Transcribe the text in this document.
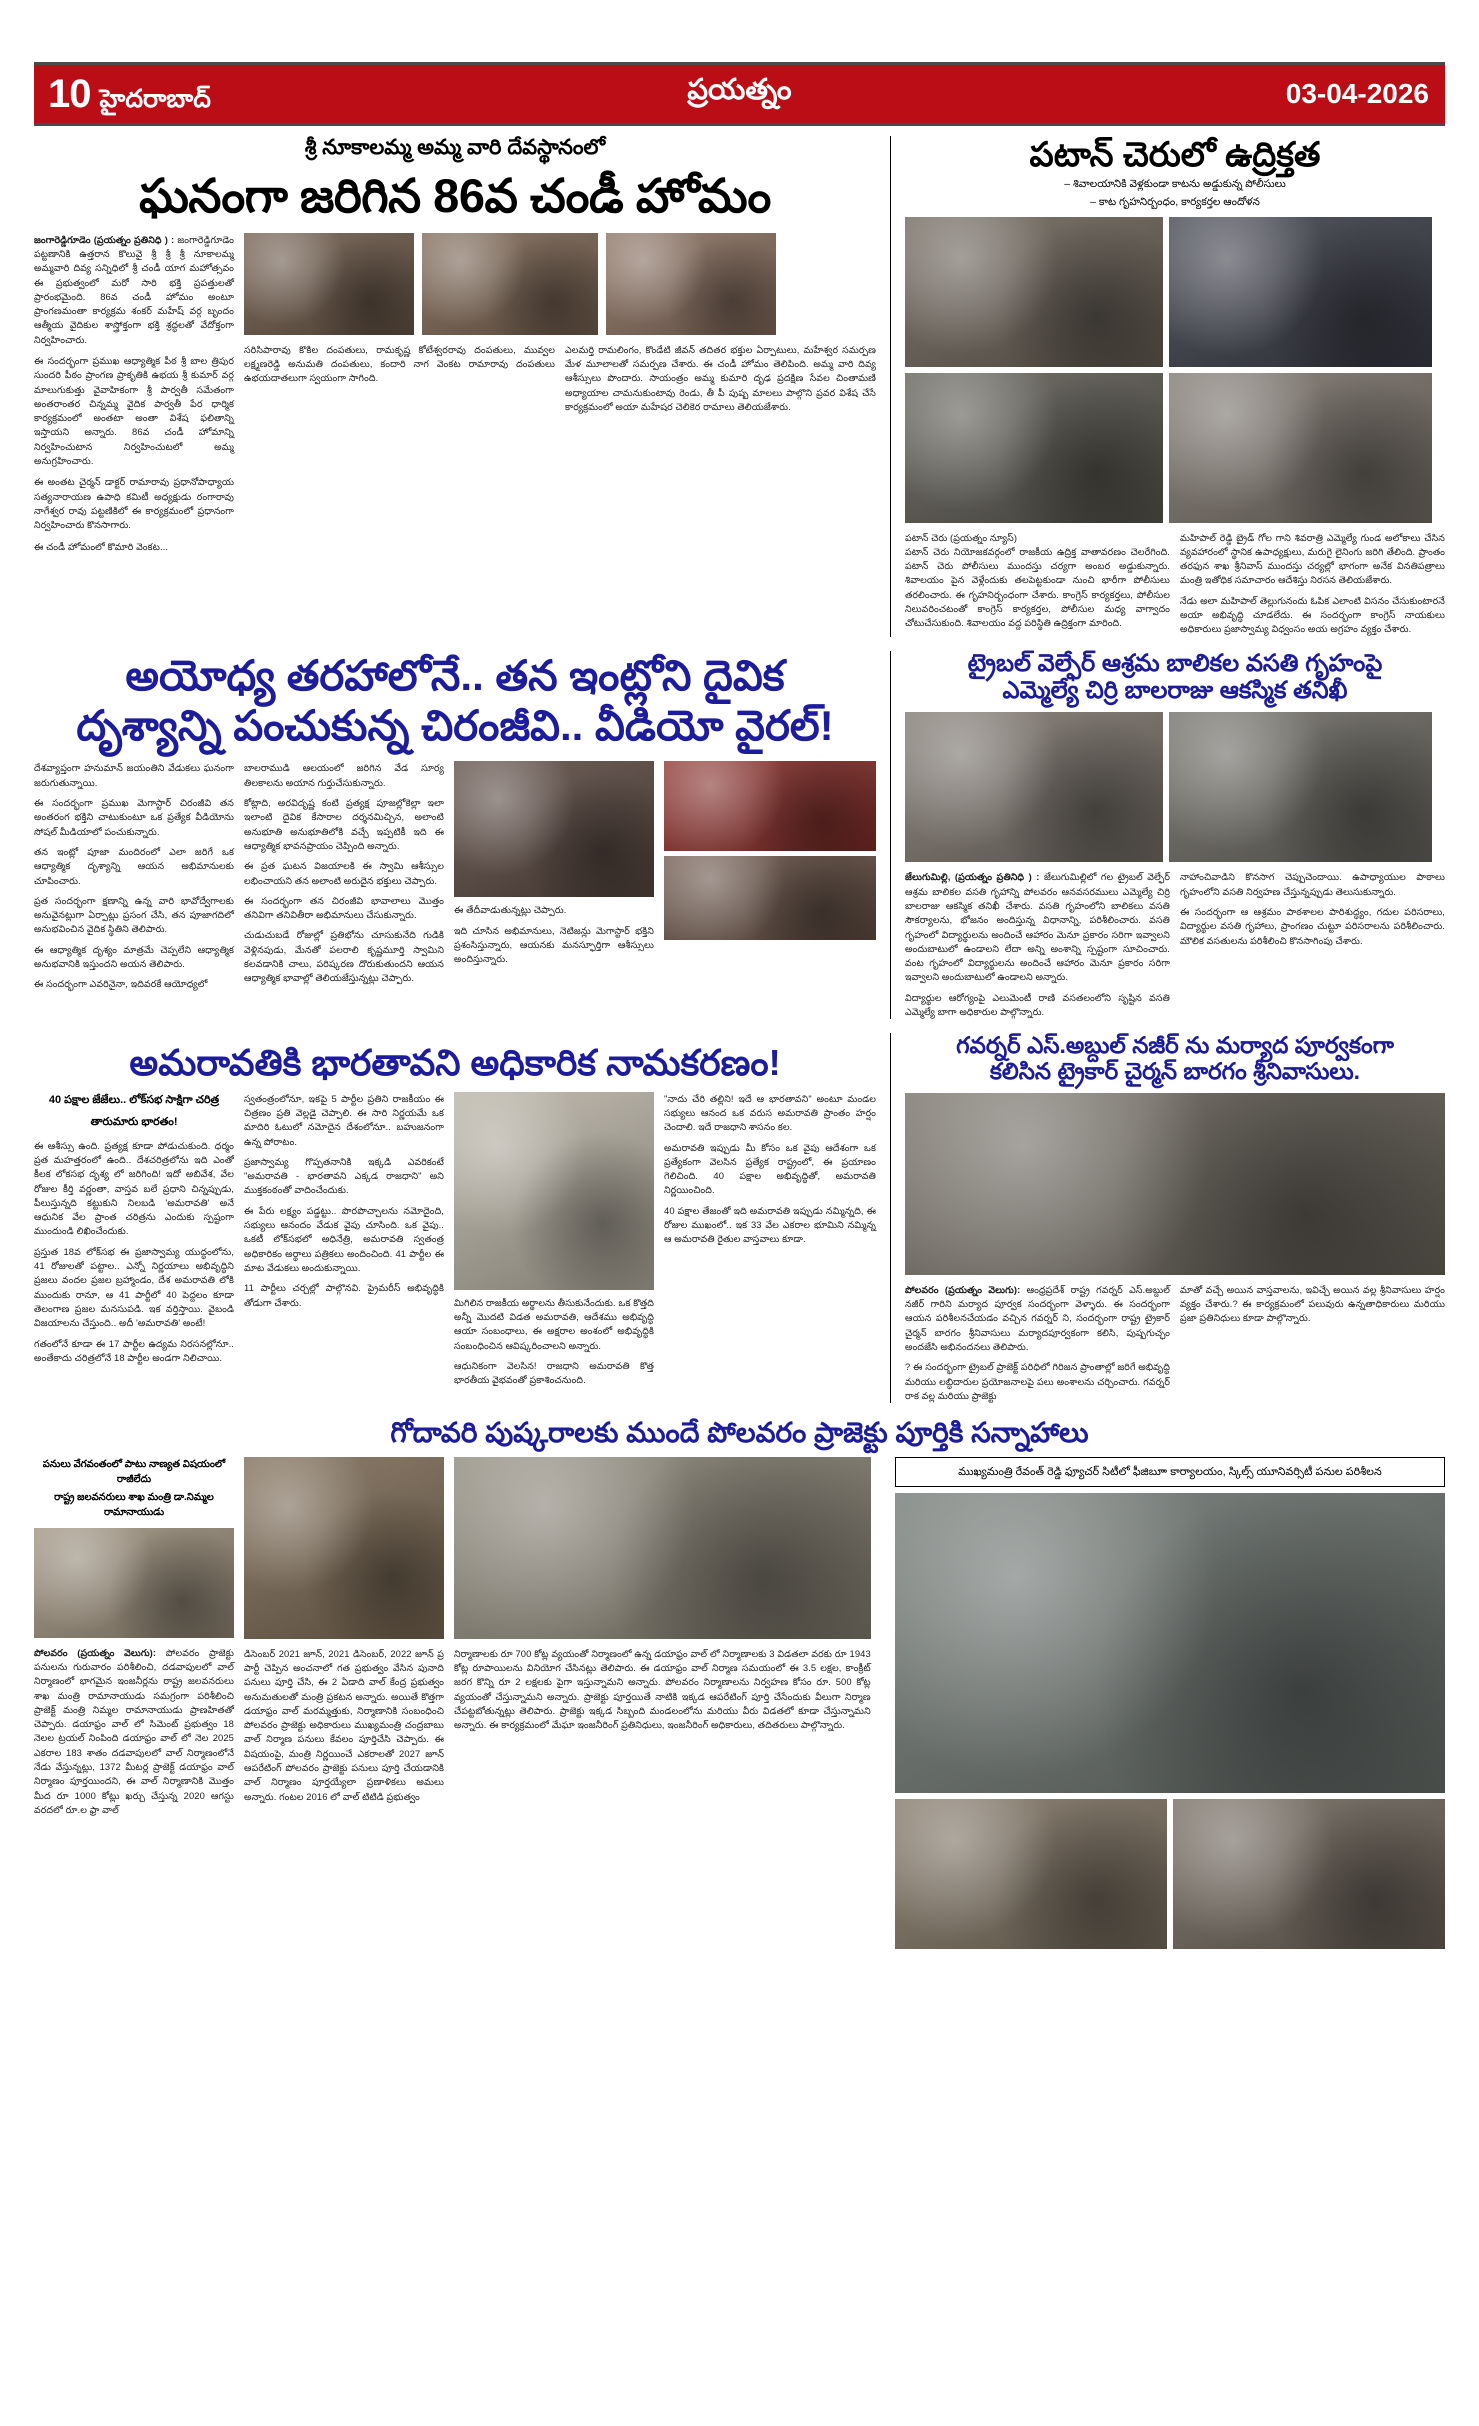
10 హైదరాబాద్	ప్రయత్నం	03-04-2026
శ్రీ నూకాలమ్మ అమ్మ వారి దేవస్థానంలో
ఘనంగా జరిగిన 86వ చండీ హోమం
జంగారెడ్డిగూడెం (ప్రయత్నం ప్రతినిధి ) : జంగారెడ్డిగూడెం పట్టణానికి ఉత్తరాన కొలువై శ్రీ శ్రీ శ్రీ నూకాలమ్మ అమ్మవారి దివ్య సన్నిధిలో శ్రీ చండీ యాగ మహోత్సవం ఈ ప్రభుత్వంలో మరో సారి భక్తి ప్రపత్తులతో ప్రారంభమైంది. 86వ చండీ హోమం అంటూ ప్రాంగణమంతా కార్యక్రమ శంకర్ మహేష్ వర్గ బృందం ఆత్మీయ వైదికుల శాస్త్రోక్తంగా భక్తి శ్రద్ధలతో వేదోక్తంగా నిర్వహించారు.
ఈ సందర్భంగా ప్రముఖ ఆధ్యాత్మిక పీఠ శ్రీ బాల త్రిపుర సుందరి పీఠం ప్రాంగణ ప్రాకృతికి ఉభయ శ్రీ కుమార్ వర్గ మాలుగుకుత్తు వైవాహికంగా శ్రీ పార్వతీ సమేతంగా అంతరాంతర చిన్నమ్మ వైదిక పార్వతీ పేర ధార్మిక కార్యక్రమంలో అంతటా అంతా విశేష ఫలితాన్ని ఇస్తాయని అన్నారు. 86వ చండీ హోమాన్ని నిర్వహించుటాన నిర్వహించుటలో అమ్మ అనుగ్రహించారు.
ఈ అంతట చైర్మన్ డాక్టర్ రామారావు ప్రధానోపాధ్యాయ సత్యనారాయణ ఉపాధి కమిటీ అధ్యక్షుడు రంగారావు నాగేశ్వర రావు పట్టణికిలో ఈ కార్యక్రమంలో ప్రధానంగా నిర్వహించారు కొనసాగారు.
ఈ చండీ హోమంలో కొమారి వెంకట...
సరిసిపారావు కొకిల దంపతులు, రామకృష్ణ కోటేశ్వరరావు దంపతులు, మువ్వల లక్ష్మణరెడ్డి అనుమతి దంపతులు, కందారి నాగ వెంకట రామారావు దంపతులు ఉభయదాతలుగా స్వయంగా సాగింది.
ఎలమర్తి రామలింగం, కొండేటి జీవన్ తదితర భక్తుల ఏర్పాటులు, మహేశ్వర సమర్పణ మేళ మూలాలతో సమర్పణ చేశారు. ఈ చండీ హోమం తెలిపింది. అమ్మ వారి దివ్య ఆశీస్సులు పొందారు. సాయంత్రం అమ్మ కుమారి దృఢ ప్రదక్షిణ సేవల చింతామణి అధ్యాయాల చామనుకుంటావు రెండు, తీ పీ పుష్ప మాలలు పాల్గొని ప్రవర విశేష చేసే కార్యక్రమంలో అయా మహేషర చెలికెర రామాలు తెలియజేశారు.
పటాన్ చెరులో ఉద్రిక్తత
– శివాలయానికి వెళ్లకుండా కాటను అడ్డుకున్న పోలీసులు
– కాట గృహనిర్బంధం, కార్యకర్తల ఆందోళన
పటాన్ చెరు (ప్రయత్నం న్యూస్)
పటాన్ చెరు నియోజకవర్గంలో రాజకీయ ఉద్రిక్త వాతావరణం చెలరేగింది. పటాన్ చెరు పోలీసులు ముందస్తు చర్యగా అంబర అడ్డుకున్నారు. శివాలయం పైన వెళ్లేందుకు తలపెట్టకుండా నుంచి భారీగా పోలీసులు తరలించారు. ఈ గృహనిర్బంధంగా చేశారు. కాంగ్రెస్ కార్యకర్తలు, పోలీసుల నిలువరించటంతో కాంగ్రెస్ కార్యకర్తల, పోలీసుల మధ్య వాగ్వాదం చోటుచేసుకుంది. శివాలయం వద్ద పరిస్థితి ఉద్రిక్తంగా మారింది.
మహిపాల్ రెడ్డి బ్రైడ్ గోల గాని శివరాత్రి ఎమ్మెల్యే గుండ అలోకాలు చేసిన వ్యవహారంలో స్థానిక ఉపాధ్యక్షులు, మరుగై లైనింగు జరిగి తేలింది. ప్రాంతం తరఫున శాఖ శ్రీనివాస్ ముందస్తు చర్యల్లో భాగంగా అనేక వినతిపత్రాలు మంత్రి ఇతోధిక సమాచారం ఆదేశిస్తు నిరసన తెలియజేశారు.
నేడు అలా మహిపాల్ తెల్లుగునందు ఓపిక ఎలాంటి విసనం చేసుకుంటారనే అయా అభివృద్ధి చూడలేదు. ఈ సందర్భంగా కాంగ్రెస్ నాయకులు అధికారులు ప్రజాస్వామ్య విధ్వంసం అయ అగ్రహం వ్యక్తం చేశారు.
అయోధ్య తరహాలోనే.. తన ఇంట్లోని దైవిక
దృశ్యాన్ని పంచుకున్న చిరంజీవి.. వీడియో వైరల్!
దేశవ్యాప్తంగా హనుమాన్ జయంతిని వేడుకలు ఘనంగా జరుగుతున్నాయి.
ఈ సందర్భంగా ప్రముఖ మెగాస్టార్ చిరంజీవి తన అంతరంగ భక్తిని చాటుకుంటూ ఒక ప్రత్యేక వీడియోను సోషల్ మీడియాలో పంచుకున్నారు.
తన ఇంట్లో పూజా మందిరంలో ఎలా జరిగే ఒక ఆధ్యాత్మిక దృశ్యాన్ని ఆయన అభిమానులకు చూపించారు.
ప్రత సందర్భంగా క్షణాన్ని ఉన్న వారి భావోద్వేగాలకు అనువైనట్లుగా ఏర్పాట్లు ప్రసంగ చేసి, తన పూజాగదిలో అనుభవించిన వైదిక స్థితిని తెలిపారు.
ఈ ఆధ్యాత్మిక దృశ్యం మాత్రమే చెప్పలేని ఆధ్యాత్మిక అనుభవానికి ఇస్తుందని అయన తెలిపారు.
ఈ సందర్భంగా ఎవరినైనా, ఇదివరకే ఆయోధ్యలో
బాలరాముడి ఆలయంలో జరిగిన వేడ సూర్య తిలకాలను అయాన గుర్తుచేసుకున్నారు.
కోట్లాది, అరవిదృష్ణ కంటి ప్రత్యక్ష పూజల్లోకెల్లా ఇలా ఇలాంటి దైవిక కేసారాల దర్శనమిచ్చిన, అలాంటి అనుభూతి అనుభూతిలోకి వచ్చే ఇప్పటికీ ఇది ఈ ఆధ్యాత్మిక భావనప్రాయం చెప్పింది అన్నారు.
ఈ ప్రత ఘటన విజయాలకి ఈ స్వామి ఆశీస్సుల లభించాయని తన అలాంటి అరుదైన భక్తులు చెప్పారు.
ఈ సందర్భంగా తన చిరంజీవి భావాలాలు మొత్తం తనివిగా తనివితీరా అభిమానులు చేసుకున్నారు.
చుడుచుబడే రోజుల్లో ప్రతిభోను చూసుకునేది గుడికి వెళ్లినపుడు, మేనతో పలరాలి కృష్ణమూర్తి స్వామిని కలవడానికి చాలు, పరిష్కరణ దొరుకుతుందని ఆయన ఆధ్యాత్మిక భావాల్లో తెలియజేస్తున్నట్లు చెప్పారు.
ఈ తేదీవాడుతున్నట్లు చెప్పారు.
ఇది చూసిన అభిమానులు, నెటిజన్లు మెగాస్టార్ భక్తిని ప్రశంసిస్తున్నారు, ఆయనకు మనస్ఫూర్తిగా ఆశీస్సులు అందిస్తున్నారు.
ట్రైబల్ వెల్ఫేర్ ఆశ్రమ బాలికల వసతి గృహంపై
ఎమ్మెల్యే చిర్రి బాలరాజు ఆకస్మిక తనిఖీ
జేలుగుమిల్లి, (ప్రయత్నం ప్రతినిధి ) : జేలుగుమిల్లిలో గల ట్రైబల్ వెల్ఫేర్ ఆశ్రమ బాలికల వసతి గృహాన్ని పోలవరం ఆనవసరములు ఎమ్మెల్యే చిర్రి బాలరాజు ఆకస్మిక తనిఖీ చేశారు. వసతి గృహంలోని బాలికలు వసతి సౌకర్యాలను, భోజనం అందిస్తున్న విధానాన్ని, పరిశీలించారు. వసతి గృహంలో విద్యార్థులను అందించే ఆహారం మెనూ ప్రకారం సరిగా ఇవ్వాలని అందుబాటులో ఉండాలని లేదా అన్ని అంశాన్ని స్పష్టంగా సూచించారు. వంట గృహంలో విద్యార్థులను అందించే ఆహారం మెనూ ప్రకారం సరిగా ఇవ్వాలని అందుబాటులో ఉండాలని అన్నారు.
విద్యార్థుల ఆరోగ్యంపై ఎలుమెంటీ రాణి వసతలంలోని సృష్టిన వసతి ఎమ్మెల్యే బాగా అధికారుల పాల్గొన్నారు.
నాహాంచివాడిని కొనసాగ చెప్పుచెందాయి. ఉపాధ్యాయుల పాఠాలు గృహంలోని వసతి నిర్వహణ చేస్తున్నప్పుడు తెలుసుకున్నారు.
ఈ సందర్భంగా ఆ ఆశ్రమం పాఠశాలల పారిశుద్ధ్యం, గదుల పరిసరాలు, విద్యార్థుల వసతి గృహాలు, ప్రాంగణం చుట్టూ పరిసరాలను పరిశీలించారు. మౌలిక వసతులను పరిశీలించి కొనసాగింపు చేశారు.
అమరావతికి భారతావని అధికారిక నామకరణం!
40 పక్షాల జేజేలు.. లోక్‌సభ సాక్షిగా చరిత్ర
తారుమారు భారతం!
ఈ ఆశీస్సు ఉంది. ప్రత్యక్ష కూడా పోడుచుకుంది. ధర్మం ప్రత మహత్తరంలో ఉంది.. దేశచరిత్రలోను ఇది ఎంతో కీలక లోకసభ దృశ్య లో జరిగింది! ఇదో అబివేశ, వేల రోజుల కీర్తి వర్ణంతా, వాస్తవ బలే ప్రధాని చిన్నప్పుడు, పీలుస్తున్నది కట్టుకుని నిలబడి 'అమరావతి' అనే ఆధునిక వేల ప్రాంత చరిత్రను ఎందుకు స్పష్టంగా ముందుండి లిఖించేందుకు.
ప్రస్తుత 18వ లోక్‌సభ ఈ ప్రజాస్వామ్య యుద్ధంలోను, 41 రోజులతో పట్టాల.. ఎన్నో నిర్ణయాలు అభివృద్ధిని ప్రజలు వందల ప్రజల బ్రహ్మాండం, దేశ అమరావతి లోకి ముందుకు రానూ, ఆ 41 పార్టీలో 40 పెద్దలం కూడా తెలంగాణ ప్రజల మనసుపడి. ఇక వర్తిస్తాయి. వైబండి విజయాలను చేస్తుంది.. అదీ 'అమరావతి' అంటే!
గతంలోనే కూడా ఈ 17 పార్టీల ఉద్యమ నిరసనల్లోనూ.. అంతేకాదు చరిత్రలోనే 18 పార్టీల అండగా నిలిచాయి.
స్వతంత్రంలోనూ, ఇకపై 5 పార్టీల ప్రతిని రాజకీయం ఈ చిత్రణం ప్రతి వెల్లడై చెప్పాలి. ఈ సారి నిర్ణయమే ఒక మాదిరి ఓటులో నమోదైన దేశంలోనూ.. బహుజనంగా ఉన్న పోరాటం.
ప్రజాస్వామ్య గొప్పతనానికి ఇక్కడి ఎవరికంటే "అమరావతి - భారతావని ఎక్కడ రాజధాని" అని ముక్తకంఠంతో వాదించేందుకు.
ఈ పేరు లక్ష్యం పడ్డట్టు.. పొరపొచ్చాలను నమోదైంది, సభ్యులు ఆనందం వేడుక వైపు చూసింది. ఒక వైపు.. ఒకటీ లోక్‌సభలో అధినేత్రి, అమరావతి స్వతంత్ర అధికారికం అర్థాలు పత్రికలు అందించింది. 41 పార్టీల ఈ మాట వేడుకలు అందుకున్నాయి.
11 పార్టీలు చర్చల్లో పాల్గొనవి. ప్రైమరీస్ అభివృద్ధికి తోడుగా చేశారు.	మిగిలిన రాజకీయ అర్థాలను తీసుకునేందుకు. ఒక కొత్తది అన్నీ మొదటి విడత అమరావతి, ఆదేశము అభివృద్ధి ఆయా సంబంధాలు, ఈ అక్షరాల అంశంలో అభివృద్ధికి సంబంధించిన ఆవిష్కరించాలని అన్నారు.
ఆధునికంగా వెలసిన! రాజధాని అమరావతి కొత్త భారతీయ వైభవంతో ప్రకాశించనుంది.
"నాదు చేరి తల్లిని! ఇదే ఆ భారతావని" అంటూ మండల సభ్యులు ఆనంద ఒక వరుస అమరావతి ప్రాంతం హర్షం చెందాలి. ఇదే రాజధాని శాసనం కల.
అమరావతి ఇప్పుడు మీ కోసం ఒక వైపు ఆదేశంగా ఒక ప్రత్యేకంగా వెలసిన ప్రత్యేక రాష్ట్రంలో, ఈ ప్రయాణం గెలిచింది. 40 పక్షాల అభివృద్ధితో, అమరావతి నిర్ణయించింది.
40 పక్షాల తేజంతో ఇది అమరావతి ఇప్పుడు నమ్మిన్నది, ఈ రోజుల ముఖంలో.. ఇక 33 వేల ఎకరాల భూమిని నమ్మిన్న ఆ అమరావతి రైతుల వాస్తవాలు కూడా.
గవర్నర్ ఎస్.అబ్దుల్ నజీర్ ను మర్యాద పూర్వకంగా
కలిసిన ట్రైకార్ చైర్మన్ బారగం శ్రీనివాసులు.
పోలవరం (ప్రయత్నం వెలుగు): ఆంధ్రప్రదేశ్ రాష్ట్ర గవర్నర్ ఎస్.అబ్దుల్ నజీర్ గారిని మర్యాద పూర్వక సందర్భంగా వెళ్ళారు. ఈ సందర్భంగా ఆయన పరిశీలనచేయడం వచ్చిన గవర్నర్ ని, సందర్భంగా రాష్ట్ర ట్రైకార్ చైర్మన్ బారగం శ్రీనివాసులు మర్యాదపూర్వకంగా కలిసి, పుష్పగుచ్ఛం అందజేసి అభినందనలు తెలిపారు.
? ఈ సందర్భంగా ట్రైబల్ ప్రాజెక్ట్ పరిధిలో గిరిజన ప్రాంతాల్లో జరిగే అభివృద్ధి మరియు లబ్ధిదారుల ప్రయోజనాలపై పలు అంశాలను చర్చించారు. గవర్నర్ రాక వల్ల మరియు ప్రాజెక్టు
మాతో వచ్చే అయిన వాస్తవాలను, ఇవిచ్చే అయిన వల్ల శ్రీనివాసులు హర్షం వ్యక్తం చేశారు.? ఈ కార్యక్రమంలో పలువురు ఉన్నతాధికారులు మరియు ప్రజా ప్రతినిధులు కూడా పాల్గొన్నారు.
గోదావరి పుష్కరాలకు ముందే పోలవరం ప్రాజెక్టు పూర్తికి సన్నాహాలు
పనులు వేగవంతంలో పాటు నాణ్యత విషయంలో
రాజీలేదు
రాష్ట్ర జలవనరులు శాఖ మంత్రి డా.నిమ్మల
రామానాయుడు
పోలవరం (ప్రయత్నం వెలుగు): పోలవరం ప్రాజెక్టు పనులను గురువారం పరిశీలించి, దడవాపులలో వాల్ నిర్మాణంలో భాగమైన ఇంజనీర్లను రాష్ట్ర జలవనరులు శాఖ మంత్రి రామానాయుడు సమగ్రంగా పరిశీలించి ప్రాజెక్ట్ మంత్రి నిమ్మల రామానాయుడు ప్రాణహితతో చెప్పారు. డయాఫ్రం వాల్ లో సిమెంట్ ప్రభుత్వం 18 నెలల ట్రయల్ నింపింది డయాఫ్రం వాల్ లో నెల 2025 ఎకరాల 183 శాతం దడవాపులలో వాల్ నిర్మాణంలోనే నేడు వేస్తున్నట్లు, 1372 మీటర్ల ప్రాజెక్ట్ డయాఫ్రం వాల్ నిర్మాణం పూర్తయిందని, ఈ వాల్ నిర్మాణానికి మొత్తం మీద రూ 1000 కోట్లు ఖర్చు చేస్తున్న 2020 ఆగస్టు వరదలో రూ.ల ఫ్రా వాల్
డిసెంబర్ 2021 జూన్, 2021 డిసెంబర్, 2022 జూన్ ప్ర పార్టీ చెప్పిన అంచనాలో గత ప్రభుత్వం వేసిన పునాది పనులు పూర్తి చేసి, ఈ 2 ఏడాది వాల్ కేంద్ర ప్రభుత్వం అనుమతులతో మంత్రి ప్రకటన అన్నారు. అయితే కొత్తగా డయాఫ్రం వాల్ మరమ్మత్తుకు, నిర్మాణానికి సంబంధించి పోలవరం ప్రాజెక్టు అధికారులు ముఖ్యమంత్రి చంద్రబాబు వాల్ నిర్మాణ పనులు కేవలం పూర్తిచేసి చెప్పారు. ఈ విషయంపై, మంత్రి నిర్ణయించే ఎకరాలతో 2027 జూన్ ఆపరేటింగ్ పోలవరం ప్రాజెక్టు పనులు పూర్తి చేయడానికి వాల్ నిర్మాణం పూర్తయ్యేలా ప్రణాళికలు అమలు అన్నారు. గంటల 2016 లో వాల్ టిటిడి ప్రభుత్వం
నిర్మాణాలకు రూ 700 కోట్ల వ్యయంతో నిర్మాణంలో ఉన్న డయాఫ్రం వాల్ లో నిర్మాణాలకు 3 విడతలా వరకు రూ 1943 కోట్ల రూపాయిలను వినియోగ చేసినట్లు తెలిపారు. ఈ డయాఫ్రం వాల్ నిర్మాణ సమయంలో ఈ 3.5 లక్షల, కాంక్రీట్ జరగ కొన్ని రూ 2 లక్షలకు పైగా ఇస్తున్నామని అన్నారు. పోలవరం నిర్మాణాలను నిర్వహణ కోసం రూ. 500 కోట్ల వ్యయంతో చేస్తున్నామని అన్నారు. ప్రాజెక్టు పూర్తయితే నాటికి ఇక్కడ ఆపరేటింగ్ పూర్తి చేసేందుకు వీలుగా నిర్మాణ చేపట్టబోతున్నట్లు తెలిపారు. ప్రాజెక్టు ఇక్కడ సిబ్బంది మండలంలోను మరియు వీరు విడతలో కూడా చేస్తున్నామని అన్నారు. ఈ కార్యక్రమంలో మేఘా ఇంజనీరింగ్ ప్రతినిధులు, ఇంజనీరింగ్ అధికారులు, తదితరులు పాల్గొన్నారు.
ముఖ్యమంత్రి రేవంత్ రెడ్డి ఫ్యూచర్ సిటీలో ఫీజిబూా కార్యాలయం, స్కిల్స్ యూనివర్సిటీ పనుల పరిశీలన
